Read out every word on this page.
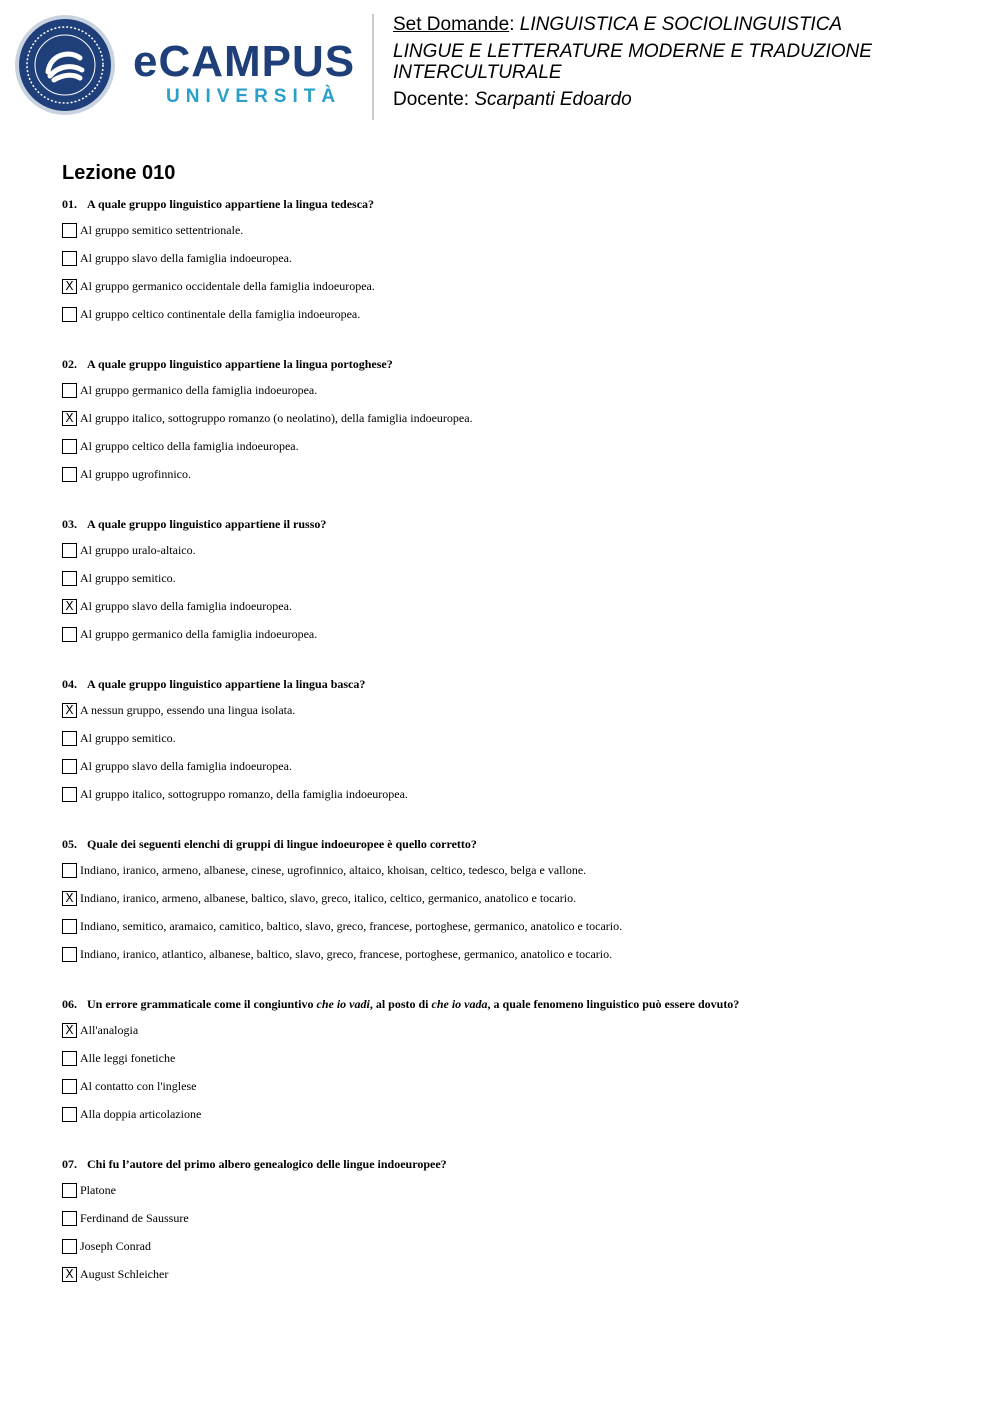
eCAMPUS
UNIVERSITÀ
Set Domande: LINGUISTICA E SOCIOLINGUISTICA
LINGUE E LETTERATURE MODERNE E TRADUZIONE INTERCULTURALE
Docente: Scarpanti Edoardo
Lezione 010
01. A quale gruppo linguistico appartiene la lingua tedesca?
Al gruppo semitico settentrionale.
Al gruppo slavo della famiglia indoeuropea.
X Al gruppo germanico occidentale della famiglia indoeuropea.
Al gruppo celtico continentale della famiglia indoeuropea.
02. A quale gruppo linguistico appartiene la lingua portoghese?
Al gruppo germanico della famiglia indoeuropea.
X Al gruppo italico, sottogruppo romanzo (o neolatino), della famiglia indoeuropea.
Al gruppo celtico della famiglia indoeuropea.
Al gruppo ugrofinnico.
03. A quale gruppo linguistico appartiene il russo?
Al gruppo uralo-altaico.
Al gruppo semitico.
X Al gruppo slavo della famiglia indoeuropea.
Al gruppo germanico della famiglia indoeuropea.
04. A quale gruppo linguistico appartiene la lingua basca?
X A nessun gruppo, essendo una lingua isolata.
Al gruppo semitico.
Al gruppo slavo della famiglia indoeuropea.
Al gruppo italico, sottogruppo romanzo, della famiglia indoeuropea.
05. Quale dei seguenti elenchi di gruppi di lingue indoeuropee è quello corretto?
Indiano, iranico, armeno, albanese, cinese, ugrofinnico, altaico, khoisan, celtico, tedesco, belga e vallone.
X Indiano, iranico, armeno, albanese, baltico, slavo, greco, italico, celtico, germanico, anatolico e tocario.
Indiano, semitico, aramaico, camitico, baltico, slavo, greco, francese, portoghese, germanico, anatolico e tocario.
Indiano, iranico, atlantico, albanese, baltico, slavo, greco, francese, portoghese, germanico, anatolico e tocario.
06. Un errore grammaticale come il congiuntivo che io vadi, al posto di che io vada, a quale fenomeno linguistico può essere dovuto?
X All'analogia
Alle leggi fonetiche
Al contatto con l'inglese
Alla doppia articolazione
07. Chi fu l’autore del primo albero genealogico delle lingue indoeuropee?
Platone
Ferdinand de Saussure
Joseph Conrad
X August Schleicher
